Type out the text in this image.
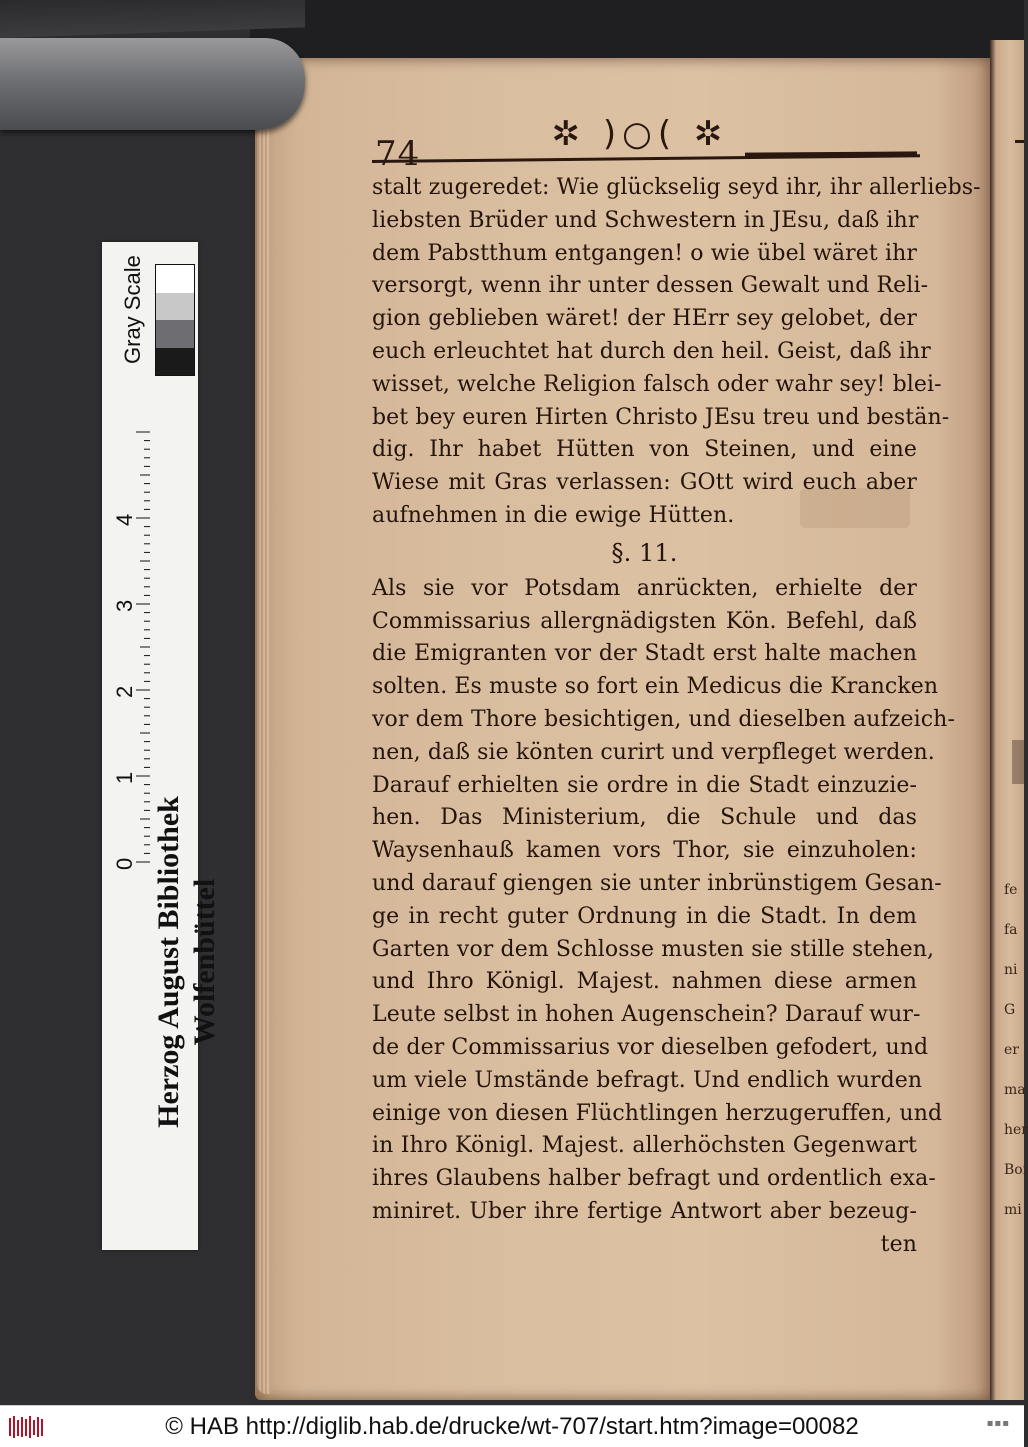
fe
fa
ni
G
er
ma
her
Boi
mi
74	✲ )○( ✲
stalt zugeredet: Wie glückselig seyd ihr, ihr allerliebs-
liebsten Brüder und Schwestern in JEsu, daß ihr
dem Pabstthum entgangen! o wie übel wäret ihr
versorgt, wenn ihr unter dessen Gewalt und Reli-
gion geblieben wäret! der HErr sey gelobet, der
euch erleuchtet hat durch den heil. Geist, daß ihr
wisset, welche Religion falsch oder wahr sey! blei-
bet bey euren Hirten Christo JEsu treu und bestän-
dig. Ihr habet Hütten von Steinen, und eine
Wiese mit Gras verlassen: GOtt wird euch aber
aufnehmen in die ewige Hütten.
§. 11.
Als sie vor Potsdam anrückten, erhielte der
Commissarius allergnädigsten Kön. Befehl, daß
die Emigranten vor der Stadt erst halte machen
solten. Es muste so fort ein Medicus die Krancken
vor dem Thore besichtigen, und dieselben aufzeich-
nen, daß sie könten curirt und verpfleget werden.
Darauf erhielten sie ordre in die Stadt einzuzie-
hen. Das Ministerium, die Schule und das
Waysenhauß kamen vors Thor, sie einzuholen:
und darauf giengen sie unter inbrünstigem Gesan-
ge in recht guter Ordnung in die Stadt. In dem
Garten vor dem Schlosse musten sie stille stehen,
und Ihro Königl. Majest. nahmen diese armen
Leute selbst in hohen Augenschein? Darauf wur-
de der Commissarius vor dieselben gefodert, und
um viele Umstände befragt. Und endlich wurden
einige von diesen Flüchtlingen herzugeruffen, und
in Ihro Königl. Majest. allerhöchsten Gegenwart
ihres Glaubens halber befragt und ordentlich exa-
miniret. Uber ihre fertige Antwort aber bezeug-
ten
Gray Scale
0
1
2
3
4
Herzog August Bibliothek Wolfenbüttel
© HAB http://diglib.hab.de/drucke/wt-707/start.htm?image=00082	▪▪▪
